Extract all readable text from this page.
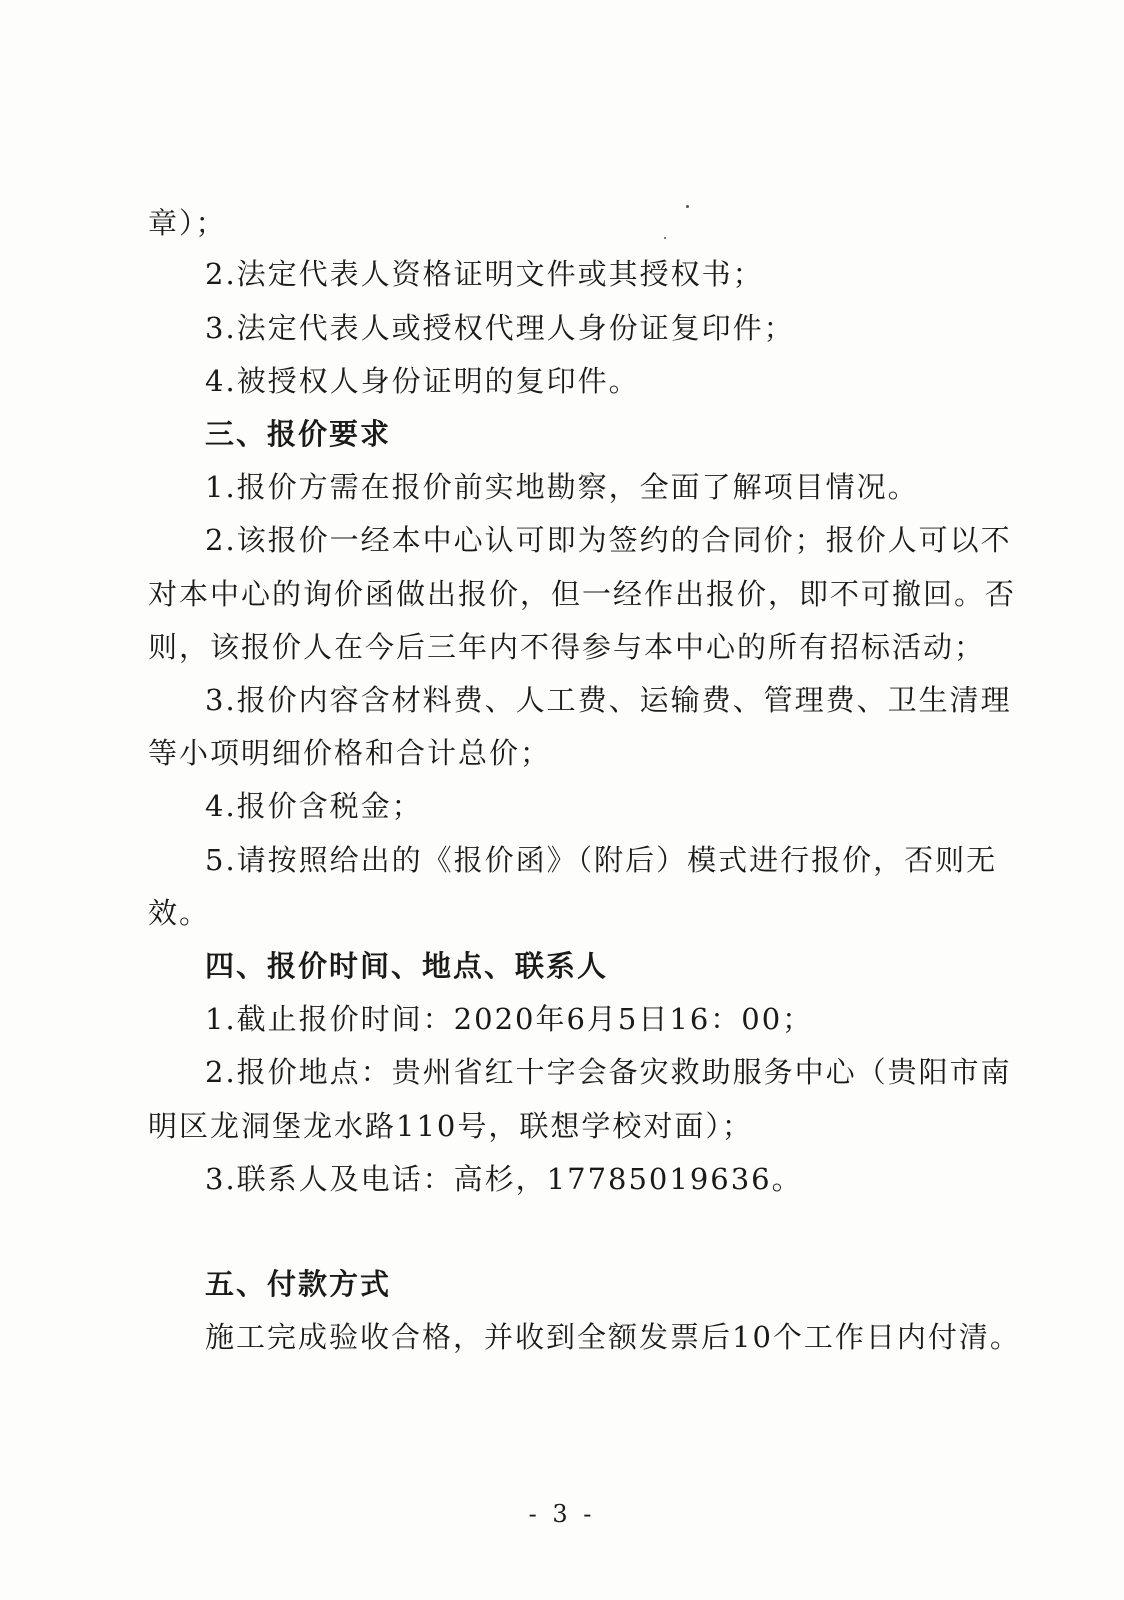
章）；
2.法定代表人资格证明文件或其授权书；
3.法定代表人或授权代理人身份证复印件；
4.被授权人身份证明的复印件。
三、报价要求
1.报价方需在报价前实地勘察，全面了解项目情况。
2.该报价一经本中心认可即为签约的合同价；报价人可以不
对本中心的询价函做出报价，但一经作出报价，即不可撤回。否
则，该报价人在今后三年内不得参与本中心的所有招标活动；
3.报价内容含材料费、人工费、运输费、管理费、卫生清理
等小项明细价格和合计总价；
4.报价含税金；
5.请按照给出的《报价函》（附后）模式进行报价，否则无
效。
四、报价时间、地点、联系人
1.截止报价时间：2020年6月5日16：00；
2.报价地点：贵州省红十字会备灾救助服务中心（贵阳市南
明区龙洞堡龙水路110号，联想学校对面）；
3.联系人及电话：高杉，17785019636。
五、付款方式
施工完成验收合格，并收到全额发票后10个工作日内付清。
- 3 -
